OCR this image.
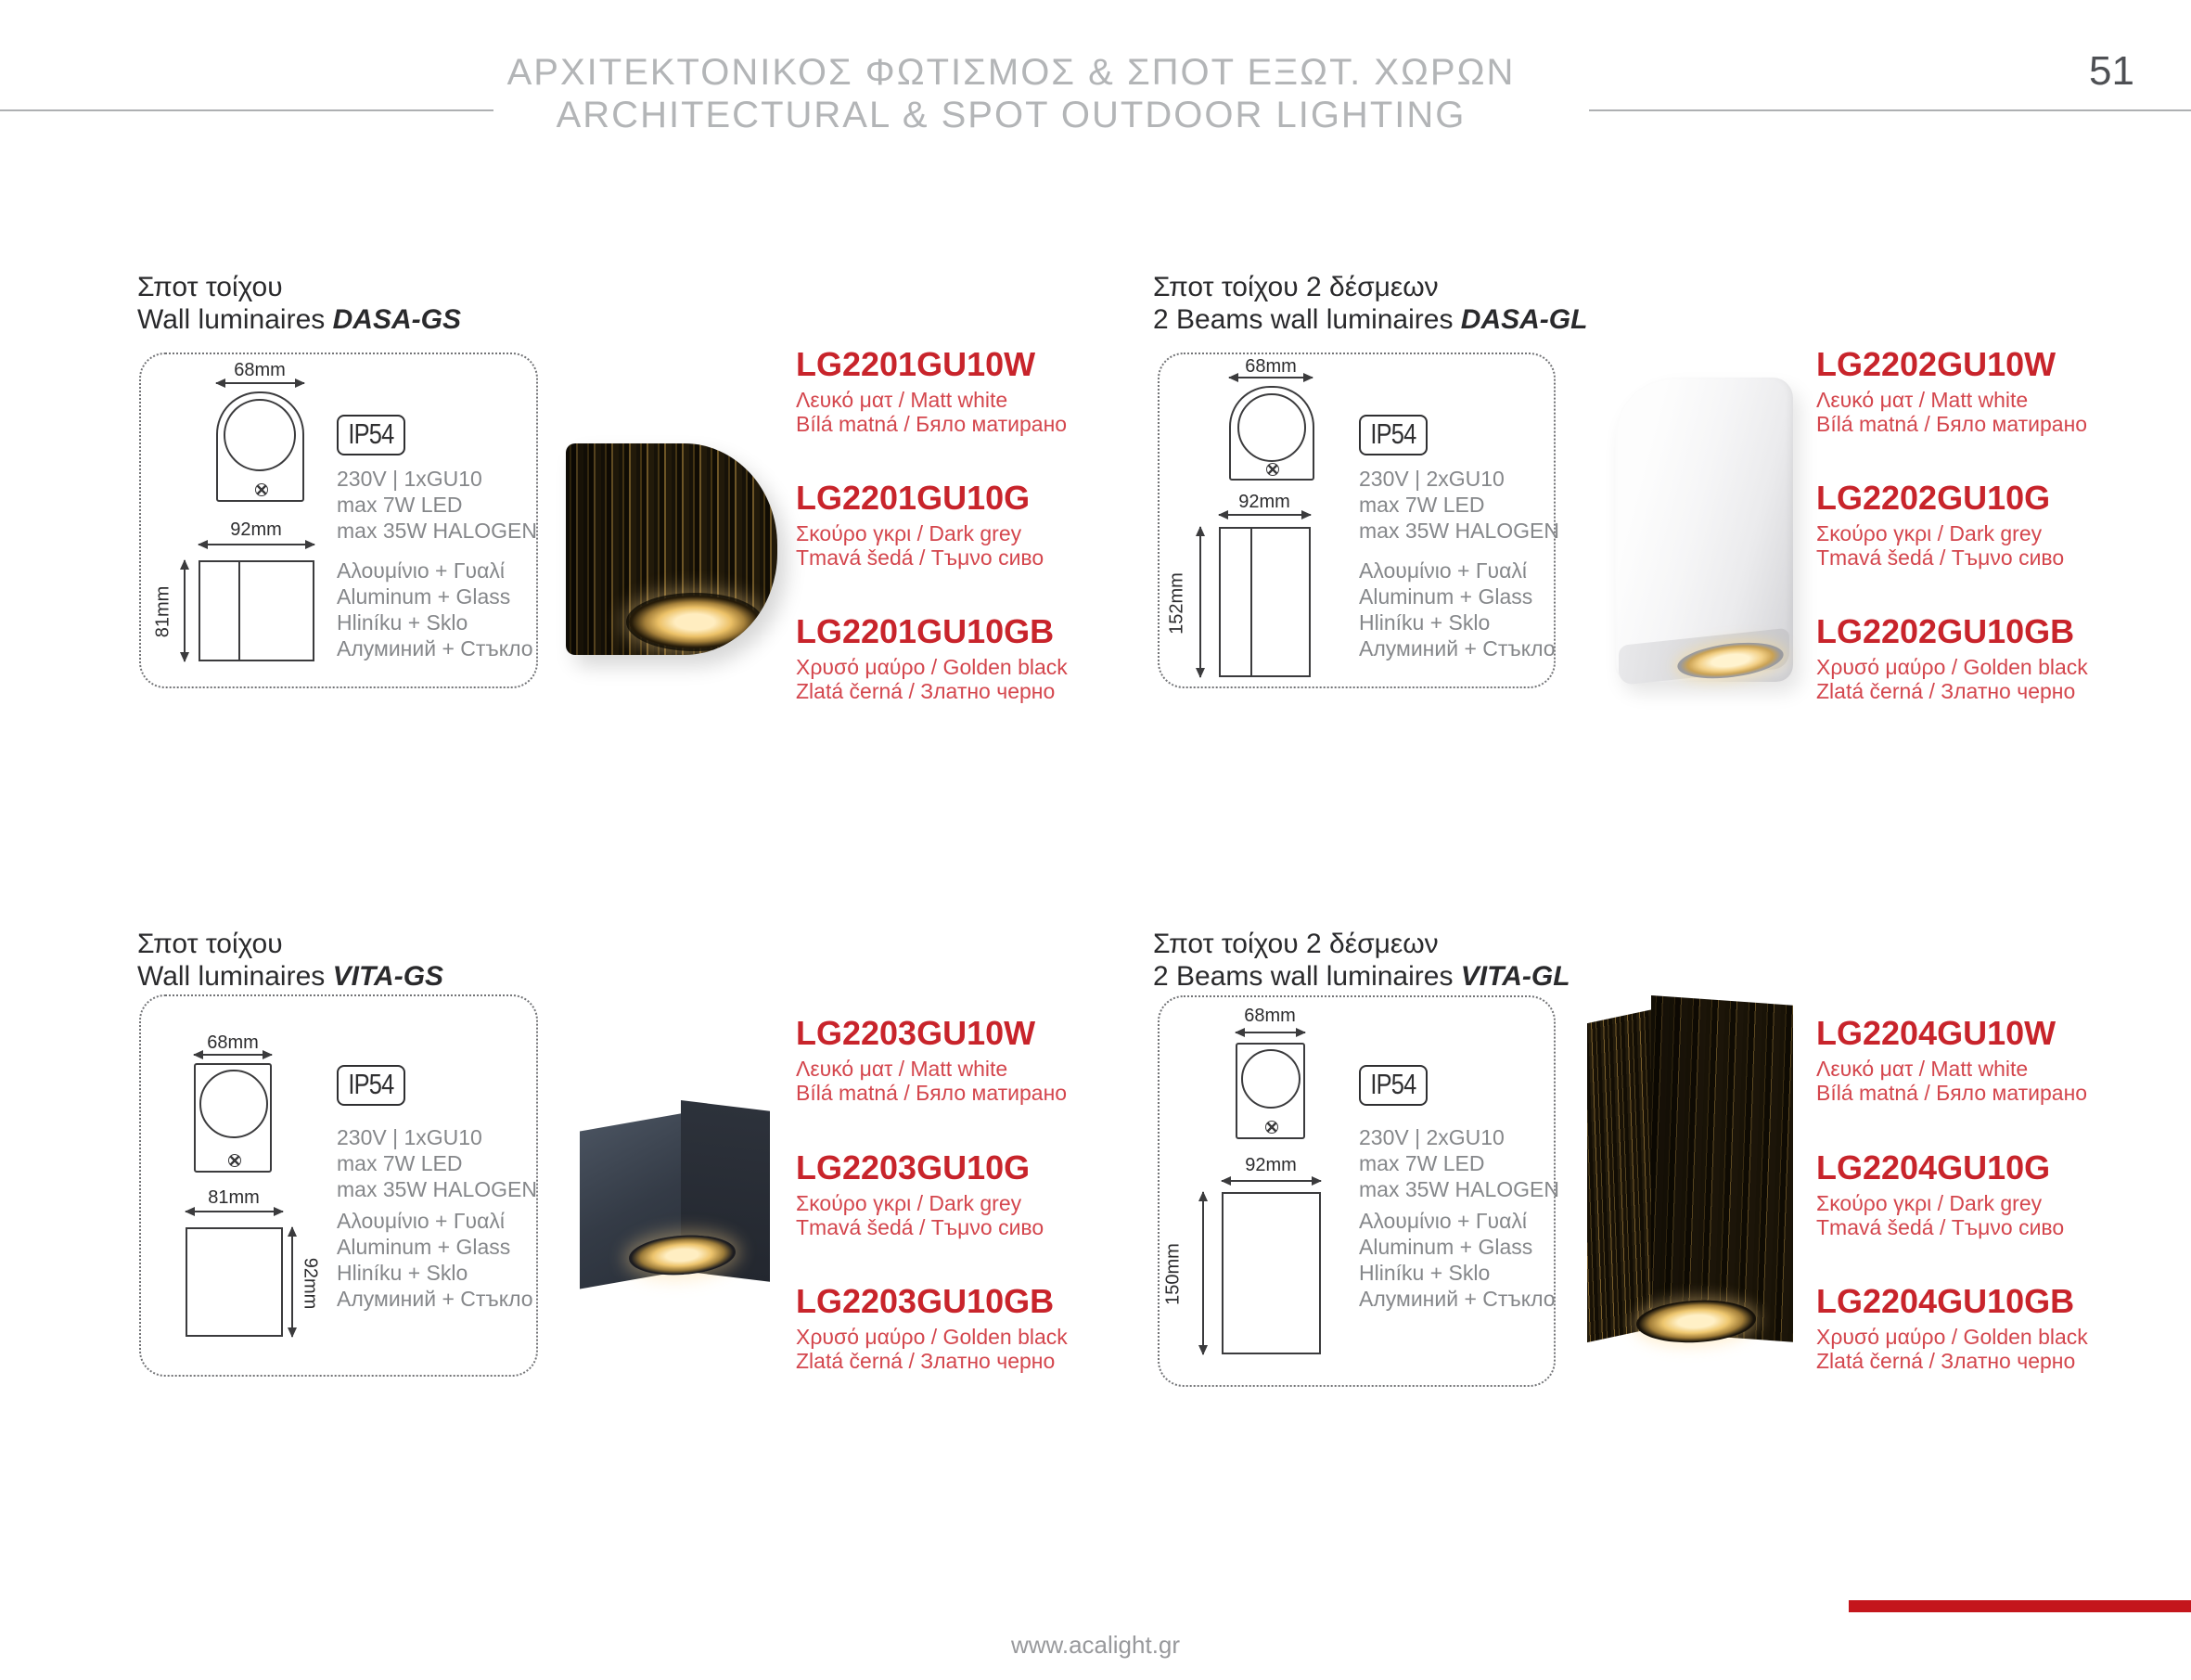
ΑΡΧΙΤΕΚΤΟΝΙΚΟΣ ΦΩΤΙΣΜΟΣ & ΣΠΟΤ ΕΞΩΤ. ΧΩΡΩΝ
ARCHITECTURAL & SPOT OUTDOOR LIGHTING
51
Σποτ τοίχου
Wall luminaires DASA-GS
68mm
IP54
230V | 1xGU10
max 7W LED
max 35W HALOGEN
92mm
81mm
Αλουμίνιο + Γυαλί
Aluminum + Glass
Hliníku + Sklo
Алуминий + Стъкло
LG2201GU10W
Λευκό ματ / Matt white
Bílá matná / Бяло матирано
LG2201GU10G
Σκούρο γκρι / Dark grey
Tmavá šedá / Тъμνο сиво
LG2201GU10GB
Χρυσό μαύρο / Golden black
Zlatá černá / Златно черно
Σποτ τοίχου 2 δέσμεων
2 Beams wall luminaires DASA-GL
68mm
IP54
230V | 2xGU10
max 7W LED
max 35W HALOGEN
92mm
152mm
Αλουμίνιο + Γυαλί
Aluminum + Glass
Hliníku + Sklo
Алуминий + Стъкло
LG2202GU10W
Λευκό ματ / Matt white
Bílá matná / Бяло матирано
LG2202GU10G
Σκούρο γκρι / Dark grey
Tmavá šedá / Тъμνο сиво
LG2202GU10GB
Χρυσό μαύρο / Golden black
Zlatá černá / Златно черно
Σποτ τοίχου
Wall luminaires VITA-GS
68mm
IP54
230V | 1xGU10
max 7W LED
max 35W HALOGEN
81mm
92mm
Αλουμίνιο + Γυαλί
Aluminum + Glass
Hliníku + Sklo
Алуминий + Стъкло
LG2203GU10W
Λευκό ματ / Matt white
Bílá matná / Бяло матирано
LG2203GU10G
Σκούρο γκρι / Dark grey
Tmavá šedá / Тъμνο сиво
LG2203GU10GB
Χρυσό μαύρο / Golden black
Zlatá černá / Златно черно
Σποτ τοίχου 2 δέσμεων
2 Beams wall luminaires VITA-GL
68mm
IP54
230V | 2xGU10
max 7W LED
max 35W HALOGEN
92mm
150mm
Αλουμίνιο + Γυαλί
Aluminum + Glass
Hliníku + Sklo
Алуминий + Стъкло
LG2204GU10W
Λευκό ματ / Matt white
Bílá matná / Бяло матирано
LG2204GU10G
Σκούρο γκρι / Dark grey
Tmavá šedá / Тъμνο сиво
LG2204GU10GB
Χρυσό μαύρο / Golden black
Zlatá černá / Златно черно
www.acalight.gr
